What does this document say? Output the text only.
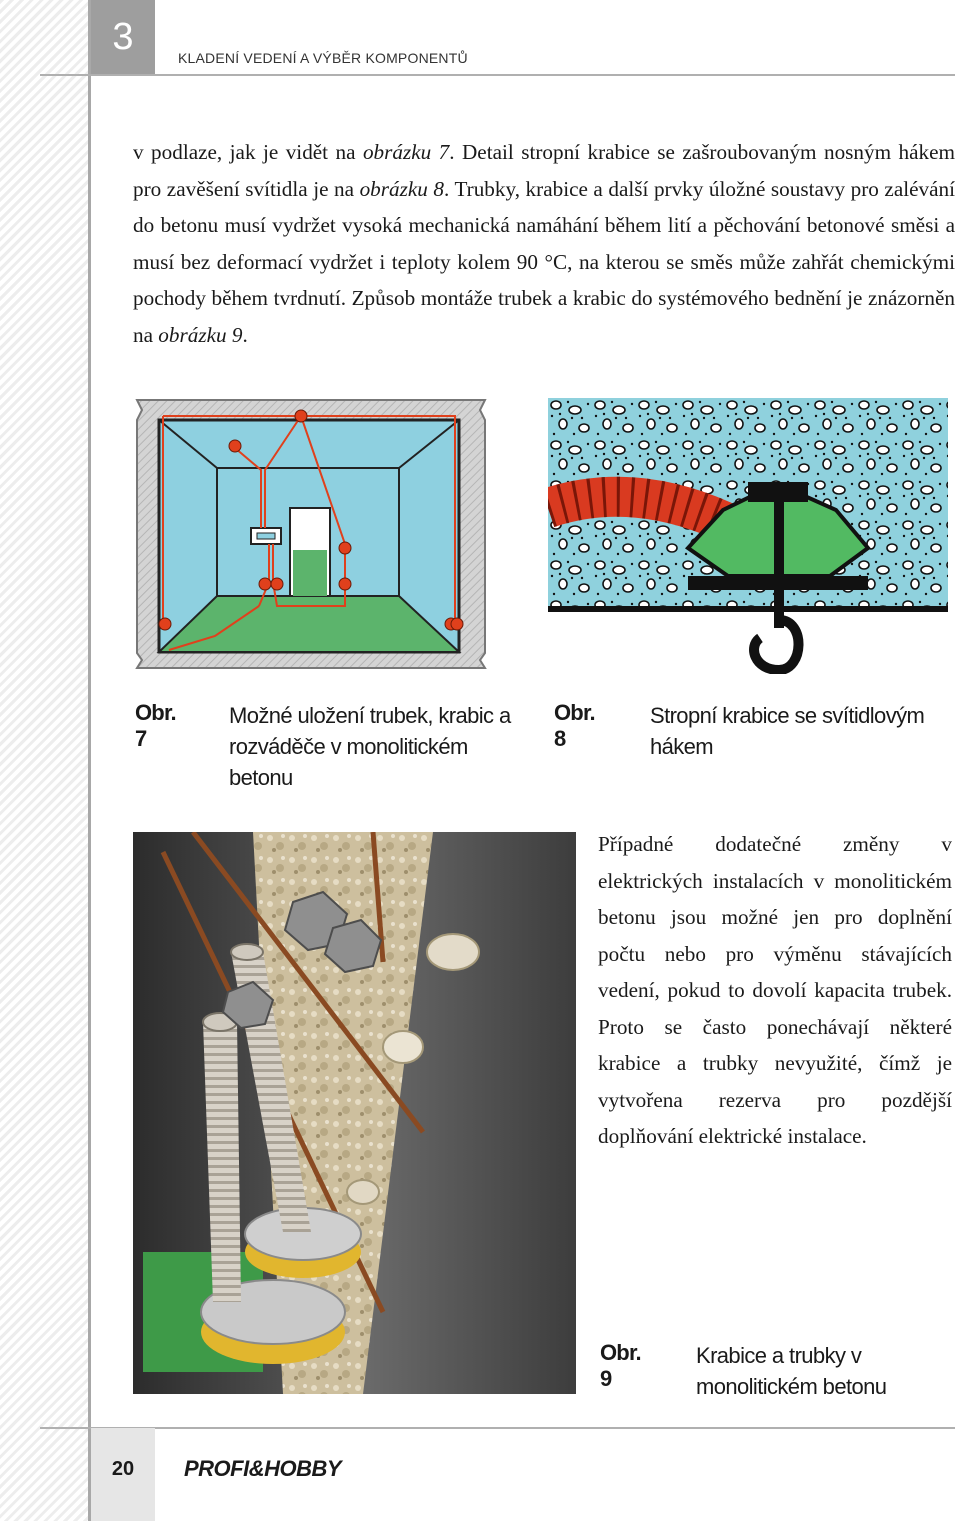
3	KLADENÍ VEDENÍ A VÝBĚR KOMPONENTŮ

v podlaze, jak je vidět na obrázku 7. Detail stropní krabice se zašroubovaným nosným hákem pro zavěšení svítidla je na obrázku 8. Trubky, krabice a další prvky úložné soustavy pro zalévání do betonu musí vydržet vysoká mechanická namáhání během lití a pěchování betonové směsi a musí bez deformací vydržet i teploty kolem 90 °C, na kterou se směs může zahřát chemickými pochody během tvrdnutí. Způsob montáže trubek a krabic do systémového bednění je znázorněn na obrázku 9.

Obr. 7
Možné uložení trubek, krabic a rozváděče v monolitickém betonu
Obr. 8
Stropní krabice se svítidlovým hákem
Obr. 9
Krabice a trubky v monolitickém betonu

Případné dodatečné změny v elektrických instalacích v monolitickém betonu jsou možné jen pro doplnění počtu nebo pro výměnu stávajících vedení, pokud to dovolí kapacita trubek. Proto se často ponechávají některé krabice a trubky nevyužité, čímž je vytvořena rezerva pro pozdější doplňování elektrické instalace.

20	PROFI&HOBBY
